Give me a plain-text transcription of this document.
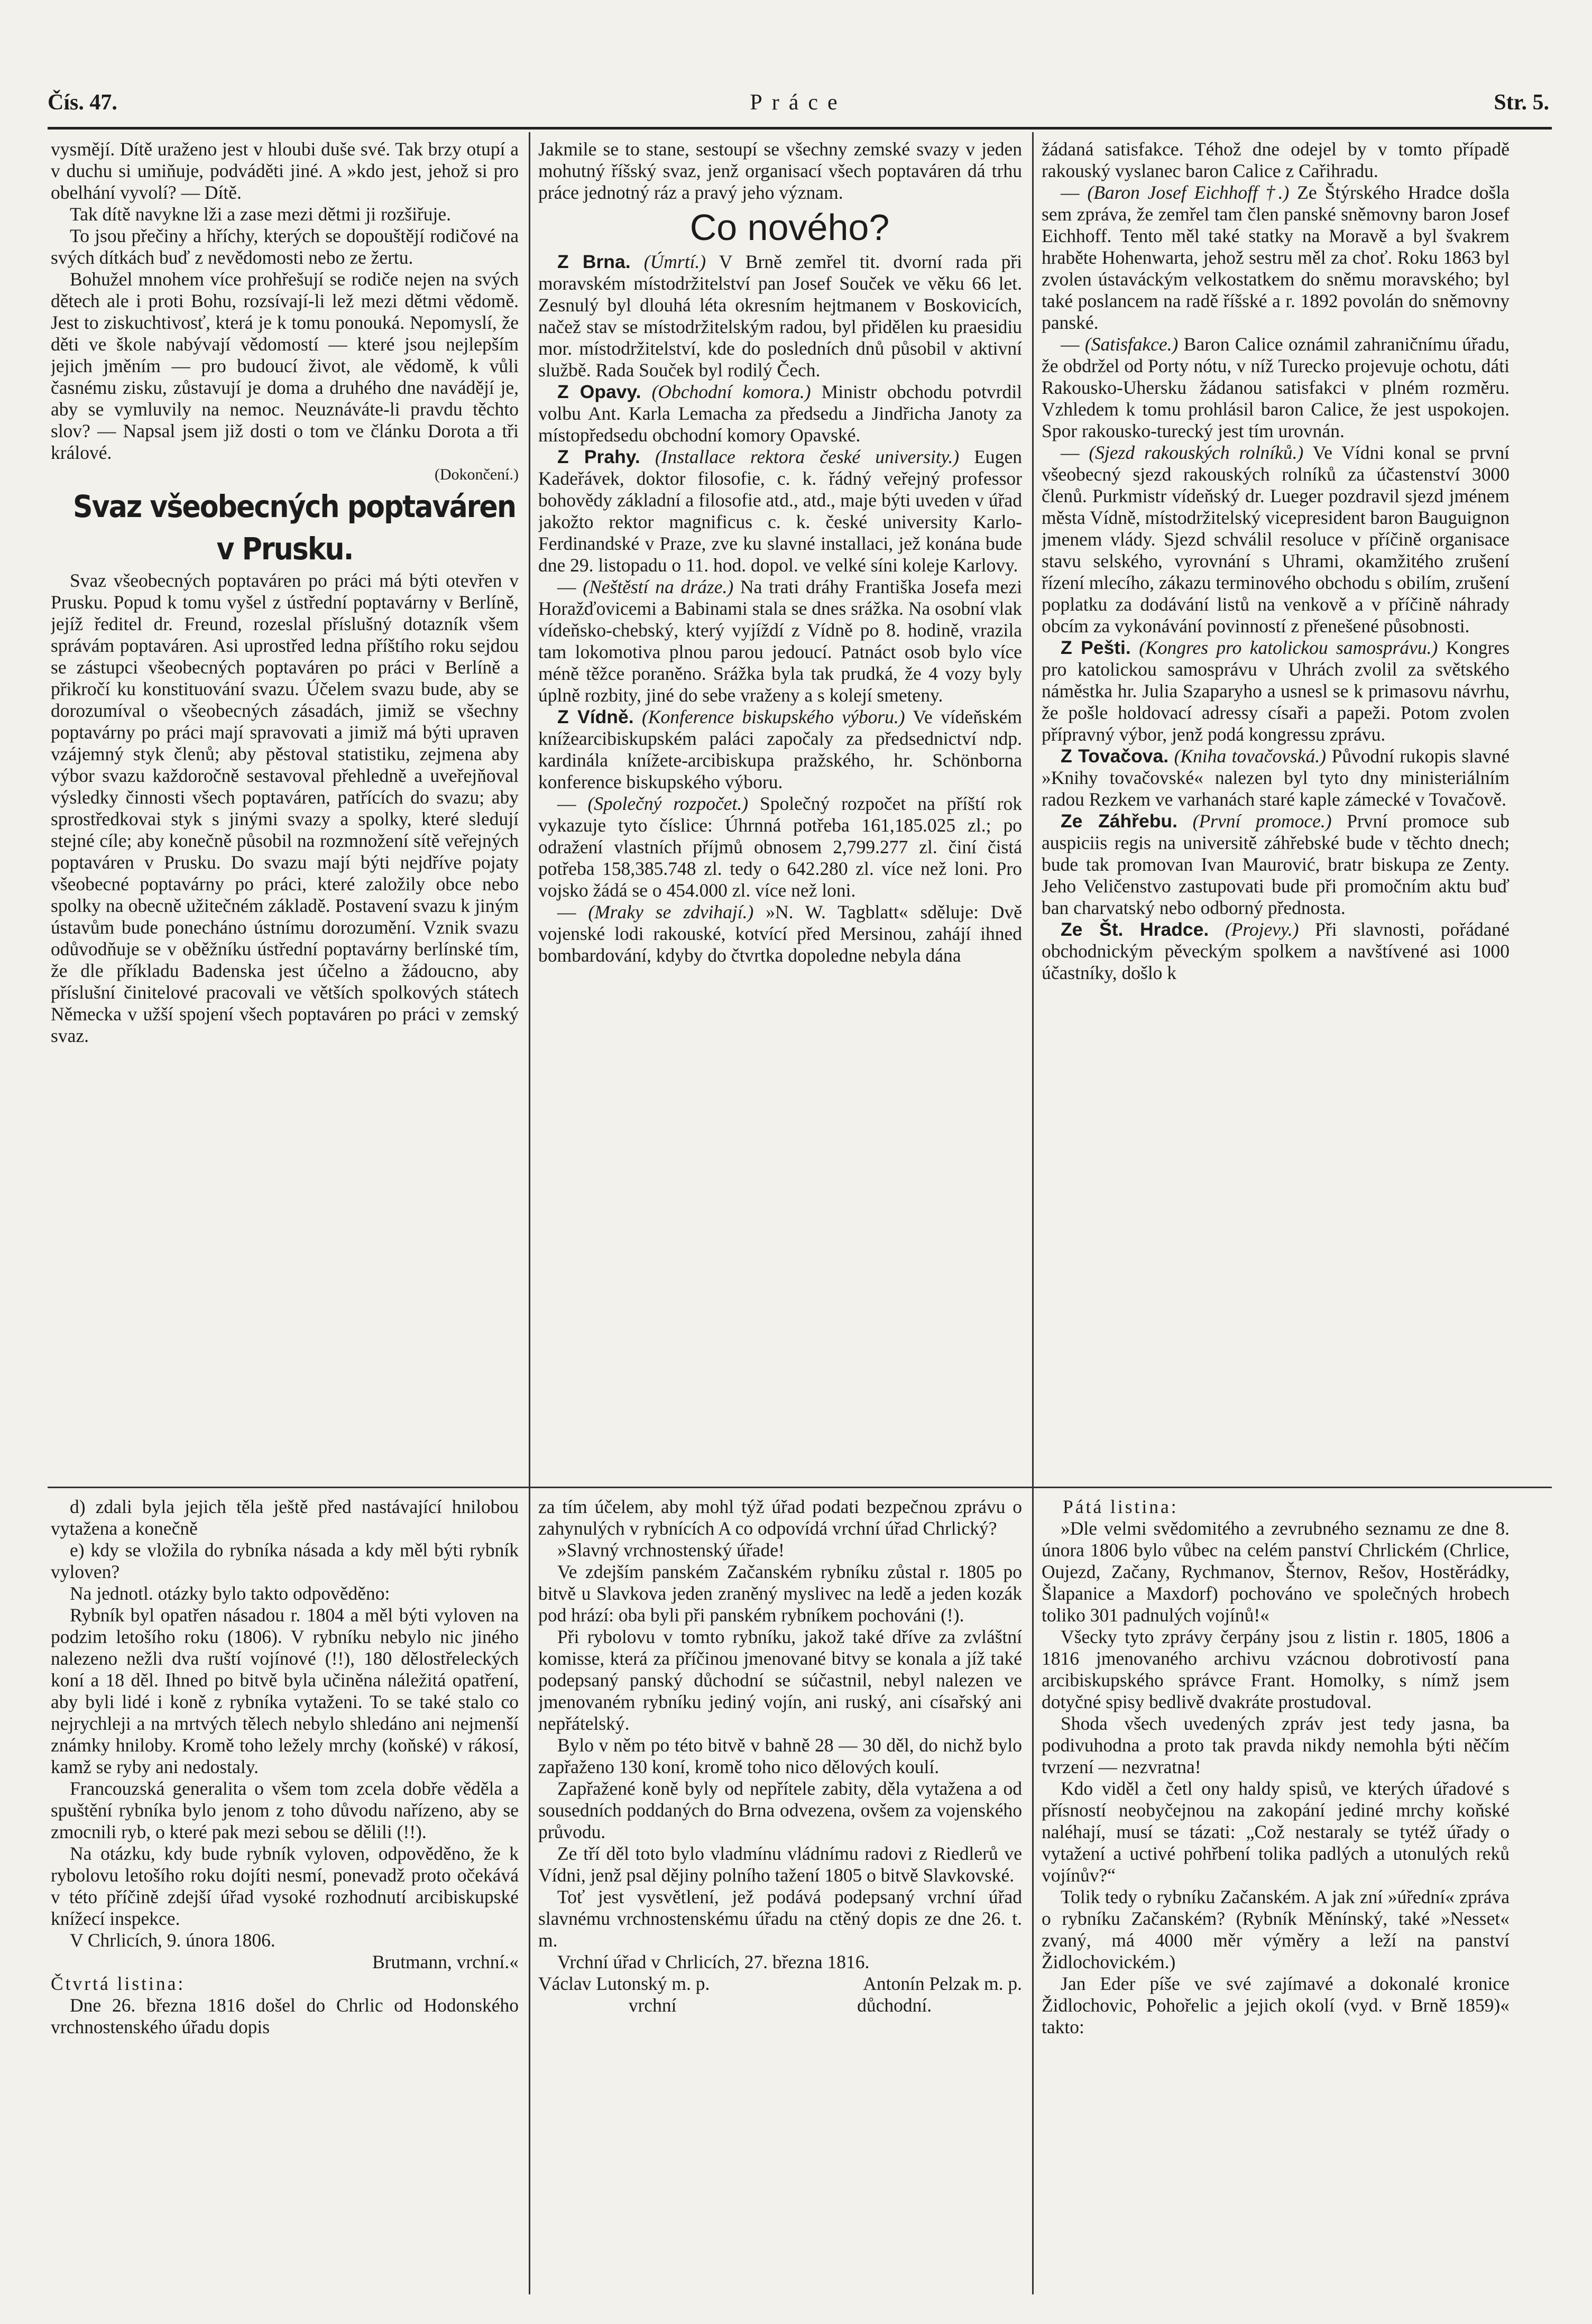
Čís. 47.	Práce	Str. 5.

vysmějí. Dítě uraženo jest v hloubi duše své. Tak brzy otupí a v duchu si umiňuje, podváděti jiné. A »kdo jest, jehož si pro obelhání vyvolí? — Dítě.

Tak dítě navykne lži a zase mezi dětmi ji rozšiřuje.

To jsou přečiny a hříchy, kterých se dopouštějí rodičové na svých dítkách buď z nevědomosti nebo ze žertu.

Bohužel mnohem více prohřešují se rodiče nejen na svých dětech ale i proti Bohu, rozsívají-li lež mezi dětmi vědomě. Jest to ziskuchtivosť, která je k tomu ponouká. Nepomyslí, že děti ve škole nabývají vědomostí — které jsou nejlepším jejich jměním — pro budoucí život, ale vědomě, k vůli časnému zisku, zůstavují je doma a druhého dne navádějí je, aby se vymluvily na nemoc. Neuznáváte-li pravdu těchto slov? — Napsal jsem již dosti o tom ve článku Dorota a tři králové.

(Dokončení.)

Svaz všeobecných poptaváren v Prusku.

Svaz všeobecných poptaváren po práci má býti otevřen v Prusku. Popud k tomu vyšel z ústřední poptavárny v Berlíně, jejíž ředitel dr. Freund, rozeslal příslušný dotazník všem správám poptaváren. Asi uprostřed ledna příštího roku sejdou se zástupci všeobecných poptaváren po práci v Berlíně a přikročí ku konstituování svazu. Účelem svazu bude, aby se dorozumíval o všeobecných zásadách, jimiž se všechny poptavárny po práci mají spravovati a jimiž má býti upraven vzájemný styk členů; aby pěstoval statistiku, zejmena aby výbor svazu každoročně sestavoval přehledně a uveřejňoval výsledky činnosti všech poptaváren, patřících do svazu; aby sprostředkovai styk s jinými svazy a spolky, které sledují stejné cíle; aby konečně působil na rozmnožení sítě veřejných poptaváren v Prusku. Do svazu mají býti nejdříve pojaty všeobecné poptavárny po práci, které založily obce nebo spolky na obecně užitečném základě. Postavení svazu k jiným ústavům bude ponecháno ústnímu dorozumění. Vznik svazu odůvodňuje se v oběžníku ústřední poptavárny berlínské tím, že dle příkladu Badenska jest účelno a žádoucno, aby příslušní činitelové pracovali ve větších spolkových státech Německa v užší spojení všech poptaváren po práci v zemský svaz.

Jakmile se to stane, sestoupí se všechny zemské svazy v jeden mohutný říšský svaz, jenž organisací všech poptaváren dá trhu práce jednotný ráz a pravý jeho význam.

Co nového?

Z Brna. (Úmrtí.) V Brně zemřel tit. dvorní rada při moravském místodržitelství pan Josef Souček ve věku 66 let. Zesnulý byl dlouhá léta okresním hejtmanem v Boskovicích, načež stav se místodržitelským radou, byl přidělen ku praesidiu mor. místodržitelství, kde do posledních dnů působil v aktivní službě. Rada Souček byl rodilý Čech.

Z Opavy. (Obchodní komora.) Ministr obchodu potvrdil volbu Ant. Karla Lemacha za předsedu a Jindřicha Janoty za místopředsedu obchodní komory Opavské.

Z Prahy. (Installace rektora české university.) Eugen Kadeřávek, doktor filosofie, c. k. řádný veřejný professor bohovědy základní a filosofie atd., atd., maje býti uveden v úřad jakožto rektor magnificus c. k. české university Karlo-Ferdinandské v Praze, zve ku slavné installaci, jež konána bude dne 29. listopadu o 11. hod. dopol. ve velké síni koleje Karlovy.

— (Neštěstí na dráze.) Na trati dráhy Františka Josefa mezi Horažďovicemi a Babinami stala se dnes srážka. Na osobní vlak vídeňsko-chebský, který vyjíždí z Vídně po 8. hodině, vrazila tam lokomotiva plnou parou jedoucí. Patnáct osob bylo více méně těžce poraněno. Srážka byla tak prudká, že 4 vozy byly úplně rozbity, jiné do sebe vraženy a s kolejí smeteny.

Z Vídně. (Konference biskupského výboru.) Ve vídeňském knížearcibiskupském paláci započaly za předsednictví ndp. kardinála knížete-arcibiskupa pražského, hr. Schönborna konference biskupského výboru.

— (Společný rozpočet.) Společný rozpočet na příští rok vykazuje tyto číslice: Úhrnná potřeba 161,185.025 zl.; po odražení vlastních příjmů obnosem 2,799.277 zl. činí čistá potřeba 158,385.748 zl. tedy o 642.280 zl. více než loni. Pro vojsko žádá se o 454.000 zl. více než loni.

— (Mraky se zdvihají.) »N. W. Tagblatt« sděluje: Dvě vojenské lodi rakouské, kotvící před Mersinou, zahájí ihned bombardování, kdyby do čtvrtka dopoledne nebyla dána

žádaná satisfakce. Téhož dne odejel by v tomto případě rakouský vyslanec baron Calice z Cařihradu.

— (Baron Josef Eichhoff †.) Ze Štýrského Hradce došla sem zpráva, že zemřel tam člen panské sněmovny baron Josef Eichhoff. Tento měl také statky na Moravě a byl švakrem hraběte Hohenwarta, jehož sestru měl za choť. Roku 1863 byl zvolen ústaváckým velkostatkem do sněmu moravského; byl také poslancem na radě říšské a r. 1892 povolán do sněmovny panské.

— (Satisfakce.) Baron Calice oznámil zahraničnímu úřadu, že obdržel od Porty nótu, v níž Turecko projevuje ochotu, dáti Rakousko-Uhersku žádanou satisfakci v plném rozměru. Vzhledem k tomu prohlásil baron Calice, že jest uspokojen. Spor rakousko-turecký jest tím urovnán.

— (Sjezd rakouských rolníků.) Ve Vídni konal se první všeobecný sjezd rakouských rolníků za účastenství 3000 členů. Purkmistr vídeňský dr. Lueger pozdravil sjezd jménem města Vídně, místodržitelský vicepresident baron Bauguignon jmenem vlády. Sjezd schválil resoluce v příčině organisace stavu selského, vyrovnání s Uhrami, okamžitého zrušení řízení mlecího, zákazu terminového obchodu s obilím, zrušení poplatku za dodávání listů na venkově a v příčině náhrady obcím za vykonávání povinností z přenešené působnosti.

Z Pešti. (Kongres pro katolickou samosprávu.) Kongres pro katolickou samosprávu v Uhrách zvolil za světského náměstka hr. Julia Szaparyho a usnesl se k primasovu návrhu, že pošle holdovací adressy císaři a papeži. Potom zvolen přípravný výbor, jenž podá kongressu zprávu.

Z Tovačova. (Kniha tovačovská.) Původní rukopis slavné »Knihy tovačovské« nalezen byl tyto dny ministeriálním radou Rezkem ve varhanách staré kaple zámecké v Tovačově.

Ze Záhřebu. (První promoce.) První promoce sub auspiciis regis na universitě záhřebské bude v těchto dnech; bude tak promovan Ivan Maurović, bratr biskupa ze Zenty. Jeho Veličenstvo zastupovati bude při promočním aktu buď ban charvatský nebo odborný přednosta.

Ze Št. Hradce. (Projevy.) Při slavnosti, pořádané obchodnickým pěveckým spolkem a navštívené asi 1000 účastníky, došlo k

d) zdali byla jejich těla ještě před nastávající hnilobou vytažena a konečně

e) kdy se vložila do rybníka násada a kdy měl býti rybník vyloven?

Na jednotl. otázky bylo takto odpověděno:

Rybník byl opatřen násadou r. 1804 a měl býti vyloven na podzim letošího roku (1806). V rybníku nebylo nic jiného nalezeno nežli dva ruští vojínové (!!), 180 dělostřeleckých koní a 18 děl. Ihned po bitvě byla učiněna náležitá opatření, aby byli lidé i koně z rybníka vytaženi. To se také stalo co nejrychleji a na mrtvých tělech nebylo shledáno ani nejmenší známky hniloby. Kromě toho ležely mrchy (koňské) v rákosí, kamž se ryby ani nedostaly.

Francouzská generalita o všem tom zcela dobře věděla a spuštění rybníka bylo jenom z toho důvodu nařízeno, aby se zmocnili ryb, o které pak mezi sebou se dělili (!!).

Na otázku, kdy bude rybník vyloven, odpověděno, že k rybolovu letošího roku dojíti nesmí, ponevadž proto očekává v této příčině zdejší úřad vysoké rozhodnutí arcibiskupské knížecí inspekce.

V Chrlicích, 9. února 1806.

Brutmann, vrchní.«

Čtvrtá listina:

Dne 26. března 1816 došel do Chrlic od Hodonského vrchnostenského úřadu dopis

za tím účelem, aby mohl týž úřad podati bezpečnou zprávu o zahynulých v rybnících A co odpovídá vrchní úřad Chrlický?

»Slavný vrchnostenský úřade!

Ve zdejším panském Začanském rybníku zůstal r. 1805 po bitvě u Slavkova jeden zraněný myslivec na ledě a jeden kozák pod hrází: oba byli při panském rybníkem pochováni (!).

Při rybolovu v tomto rybníku, jakož také dříve za zvláštní komisse, která za příčinou jmenované bitvy se konala a jíž také podepsaný panský důchodní se súčastnil, nebyl nalezen ve jmenovaném rybníku jediný vojín, ani ruský, ani císařský ani nepřátelský.

Bylo v něm po této bitvě v bahně 28 — 30 děl, do nichž bylo zapřaženo 130 koní, kromě toho nico dělových koulí.

Zapřažené koně byly od nepřítele zabity, děla vytažena a od sousedních poddaných do Brna odvezena, ovšem za vojenského průvodu.

Ze tří děl toto bylo vladmínu vládnímu radovi z Riedlerů ve Vídni, jenž psal dějiny polního tažení 1805 o bitvě Slavkovské.

Toť jest vysvětlení, jež podává podepsaný vrchní úřad slavnému vrchnostenskému úřadu na ctěný dopis ze dne 26. t. m.

Vrchní úřad v Chrlicích, 27. března 1816.

Václav Lutonský m. p.	Antonín Pelzak m. p.

vrchní	důchodní.

Pátá listina:

»Dle velmi svědomitého a zevrubného seznamu ze dne 8. února 1806 bylo vůbec na celém panství Chrlickém (Chrlice, Oujezd, Začany, Rychmanov, Šternov, Rešov, Hostěrádky, Šlapanice a Maxdorf) pochováno ve společných hrobech toliko 301 padnulých vojínů!«

Všecky tyto zprávy čerpány jsou z listin r. 1805, 1806 a 1816 jmenovaného archivu vzácnou dobrotivostí pana arcibiskupského správce Frant. Homolky, s nímž jsem dotyčné spisy bedlivě dvakráte prostudoval.

Shoda všech uvedených zpráv jest tedy jasna, ba podivuhodna a proto tak pravda nikdy nemohla býti něčím tvrzení — nezvratna!

Kdo viděl a četl ony haldy spisů, ve kterých úřadové s přísností neobyčejnou na zakopání jediné mrchy koňské naléhají, musí se tázati: „Což nestaraly se tytéž úřady o vytažení a uctivé pohřbení tolika padlých a utonulých reků vojínův?“

Tolik tedy o rybníku Začanském. A jak zní »úřední« zpráva o rybníku Začanském? (Rybník Měnínský, také »Nesset« zvaný, má 4000 měr výměry a leží na panství Židlochovickém.)

Jan Eder píše ve své zajímavé a dokonalé kronice Židlochovic, Pohořelic a jejich okolí (vyd. v Brně 1859)« takto:
